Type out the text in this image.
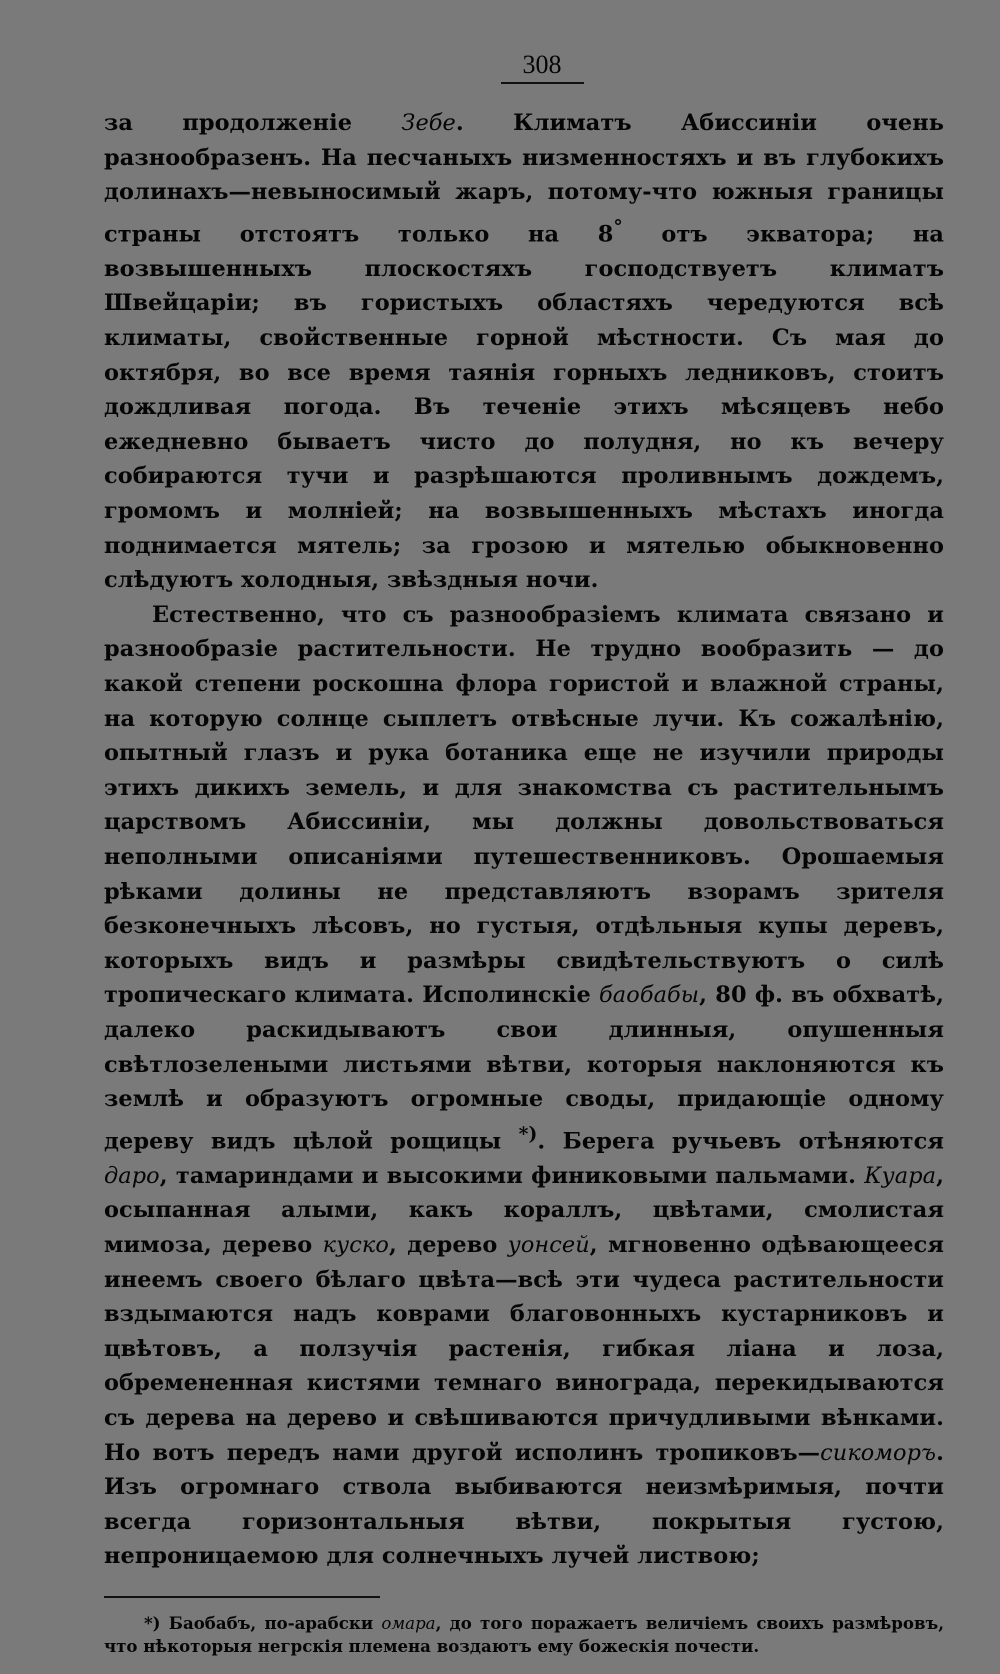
308

за продолженіе Зебе. Климатъ Абиссиніи очень разнообразенъ. На песчаныхъ низменностяхъ и въ глубокихъ долинахъ—невыносимый жаръ, потому-что южныя границы страны отстоятъ только на 8° отъ экватора; на возвышенныхъ плоскостяхъ господствуетъ климатъ Швейцаріи; въ гористыхъ областяхъ чередуются всѣ климаты, свойственные горной мѣстности. Съ мая до октября, во все время таянія горныхъ ледниковъ, стоитъ дождливая погода. Въ теченіе этихъ мѣсяцевъ небо ежедневно бываетъ чисто до полудня, но къ вечеру собираются тучи и разрѣшаются проливнымъ дождемъ, громомъ и молніей; на возвышенныхъ мѣстахъ иногда поднимается мятель; за грозою и мятелью обыкновенно слѣдуютъ холодныя, звѣздныя ночи.

Естественно, что съ разнообразіемъ климата связано и разнообразіе растительности. Не трудно вообразить — до какой степени роскошна флора гористой и влажной страны, на которую солнце сыплетъ отвѣсные лучи. Къ сожалѣнію, опытный глазъ и рука ботаника еще не изучили природы этихъ дикихъ земель, и для знакомства съ растительнымъ царствомъ Абиссиніи, мы должны довольствоваться неполными описаніями путешественниковъ. Орошаемыя рѣками долины не представляютъ взорамъ зрителя безконечныхъ лѣсовъ, но густыя, отдѣльныя купы деревъ, которыхъ видъ и размѣры свидѣтельствуютъ о силѣ тропическаго климата. Исполинскіе баобабы, 80 ф. въ обхватѣ, далеко раскидываютъ свои длинныя, опушенныя свѣтлозелеными листьями вѣтви, которыя наклоняются къ землѣ и образуютъ огромные своды, придающіе одному дереву видъ цѣлой рощицы *). Берега ручьевъ отѣняются даро, тамариндами и высокими финиковыми пальмами. Куара, осыпанная алыми, какъ кораллъ, цвѣтами, смолистая мимоза, дерево куско, дерево уонсей, мгновенно одѣвающееся инеемъ своего бѣлаго цвѣта—всѣ эти чудеса растительности вздымаются надъ коврами благовонныхъ кустарниковъ и цвѣтовъ, а ползучія растенія, гибкая ліана и лоза, обремененная кистями темнаго винограда, перекидываются съ дерева на дерево и свѣшиваются причудливыми вѣнками. Но вотъ передъ нами другой исполинъ тропиковъ—сикоморъ. Изъ огромнаго ствола выбиваются неизмѣримыя, почти всегда горизонтальныя вѣтви, покрытыя густою, непроницаемою для солнечныхъ лучей листвою;

*) Баобабъ, по-арабски омара, до того поражаетъ величіемъ своихъ размѣровъ, что нѣкоторыя негрскія племена воздаютъ ему божескія почести.
